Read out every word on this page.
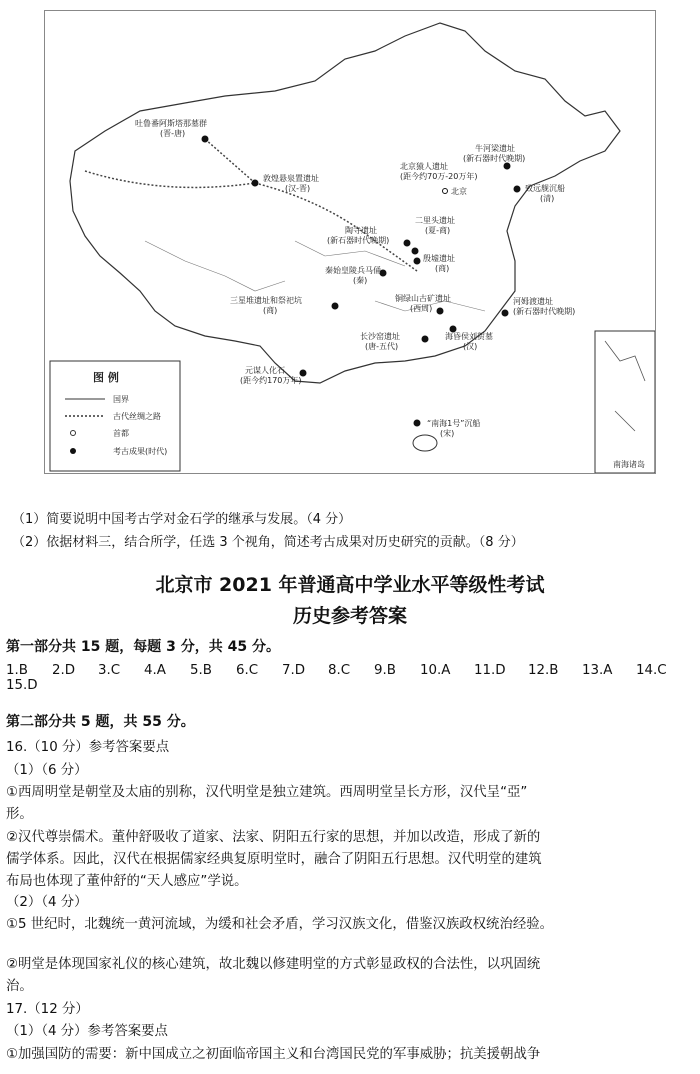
南海诸岛
图 例
国界
古代丝绸之路
首都
考古成果(时代)
吐鲁番阿斯塔那墓群
(晋-唐)
敦煌悬泉置遗址
(汉-晋)
北京猿人遗址
(距今约70万-20万年)
牛河梁遗址
(新石器时代晚期)
北京	致远舰沉船
(清)
陶寺遗址
(新石器时代晚期)
二里头遗址
(夏-商)
殷墟遗址
(商)
秦始皇陵兵马俑
(秦)
三星堆遗址和祭祀坑
(商)
铜绿山古矿遗址
(西周)
河姆渡遗址
(新石器时代晚期)
长沙窑遗址
(唐-五代)
海昏侯刘贺墓
(汉)
元谋人化石
(距今约170万年)
“南海1号”沉船
(宋)
（1）简要说明中国考古学对金石学的继承与发展。（4 分）
（2）依据材料三，结合所学，任选 3 个视角，简述考古成果对历史研究的贡献。（8 分）
北京市 2021 年普通高中学业水平等级性考试
历史参考答案
第一部分共 15 题，每题 3 分，共 45 分。
1.B	2.D	3.C	4.A	5.B	6.C	7.D	8.C	9.B	10.A	11.D	12.B	13.A	14.C
15.D
第二部分共 5 题，共 55 分。
16.（10 分）参考答案要点
（1）（6 分）
①西周明堂是朝堂及太庙的别称，汉代明堂是独立建筑。西周明堂呈长方形，汉代呈“亞”
形。
②汉代尊崇儒术。董仲舒吸收了道家、法家、阴阳五行家的思想，并加以改造，形成了新的
儒学体系。因此，汉代在根据儒家经典复原明堂时，融合了阴阳五行思想。汉代明堂的建筑
布局也体现了董仲舒的“天人感应”学说。
（2）（4 分）
①5 世纪时，北魏统一黄河流域，为缓和社会矛盾，学习汉族文化，借鉴汉族政权统治经验。
②明堂是体现国家礼仪的核心建筑，故北魏以修建明堂的方式彰显政权的合法性，以巩固统
治。
17.（12 分）
（1）（4 分）参考答案要点
①加强国防的需要：新中国成立之初面临帝国主义和台湾国民党的军事威胁；抗美援朝战争
